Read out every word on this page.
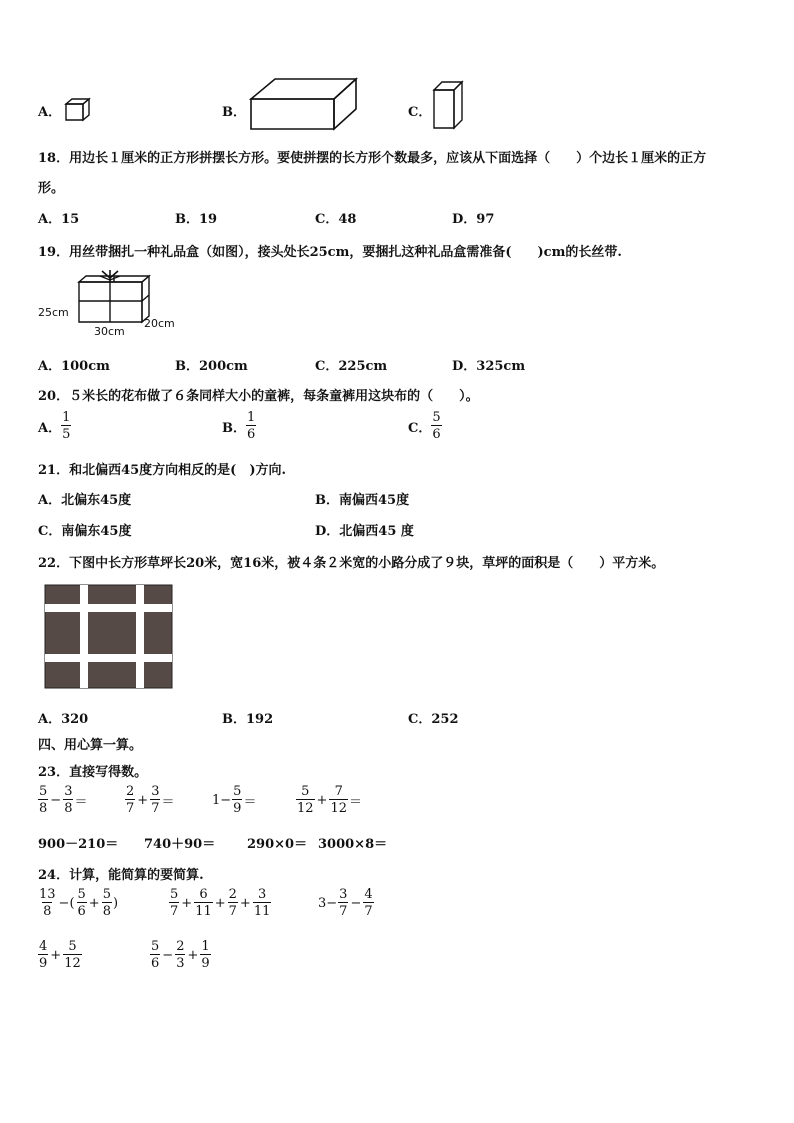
A．	B．	C．
18．用边长１厘米的正方形拼摆长方形。要使拼摆的长方形个数最多，应该从下面选择（　　）个边长１厘米的正方
形。
A．15	B．19	C．48	D．97
19．用丝带捆扎一种礼品盒（如图），接头处长25cm，要捆扎这种礼品盒需准备(　　)cm的长丝带.
25cm
30cm
20cm
A．100cm	B．200cm	C．225cm	D．325cm
20．５米长的花布做了６条同样大小的童裤，每条童裤用这块布的（　　）。
A． $\frac{1}{5}$	B． $\frac{1}{6}$	C． $\frac{5}{6}$
21．和北偏西45度方向相反的是(　)方向.
A．北偏东45度	B．南偏西45度
C．南偏东45度	D．北偏西45 度
22．下图中长方形草坪长20米，宽16米，被４条２米宽的小路分成了９块，草坪的面积是（　　）平方米。
A．320	B．192	C．252
四、用心算一算。
23．直接写得数。
$\frac{5}{8} - \frac{3}{8}$ ＝	$\frac{2}{7} + \frac{3}{7}$ ＝	$1- \frac{5}{9}$ ＝	$\frac{5}{12} + \frac{7}{12}$ ＝
900－210＝ 740＋90＝ 290×0＝ 3000×8＝
24．计算，能简算的要简算.
$\frac{13}{8}$ −( $\frac{5}{6} + \frac{5}{8}$ )	$\frac{5}{7} + \frac{6}{11} + \frac{2}{7} + \frac{3}{11}$	$3- \frac{3}{7} - \frac{4}{7}$
$\frac{4}{9} + \frac{5}{12}$	$\frac{5}{6} - \frac{2}{3} + \frac{1}{9}$
